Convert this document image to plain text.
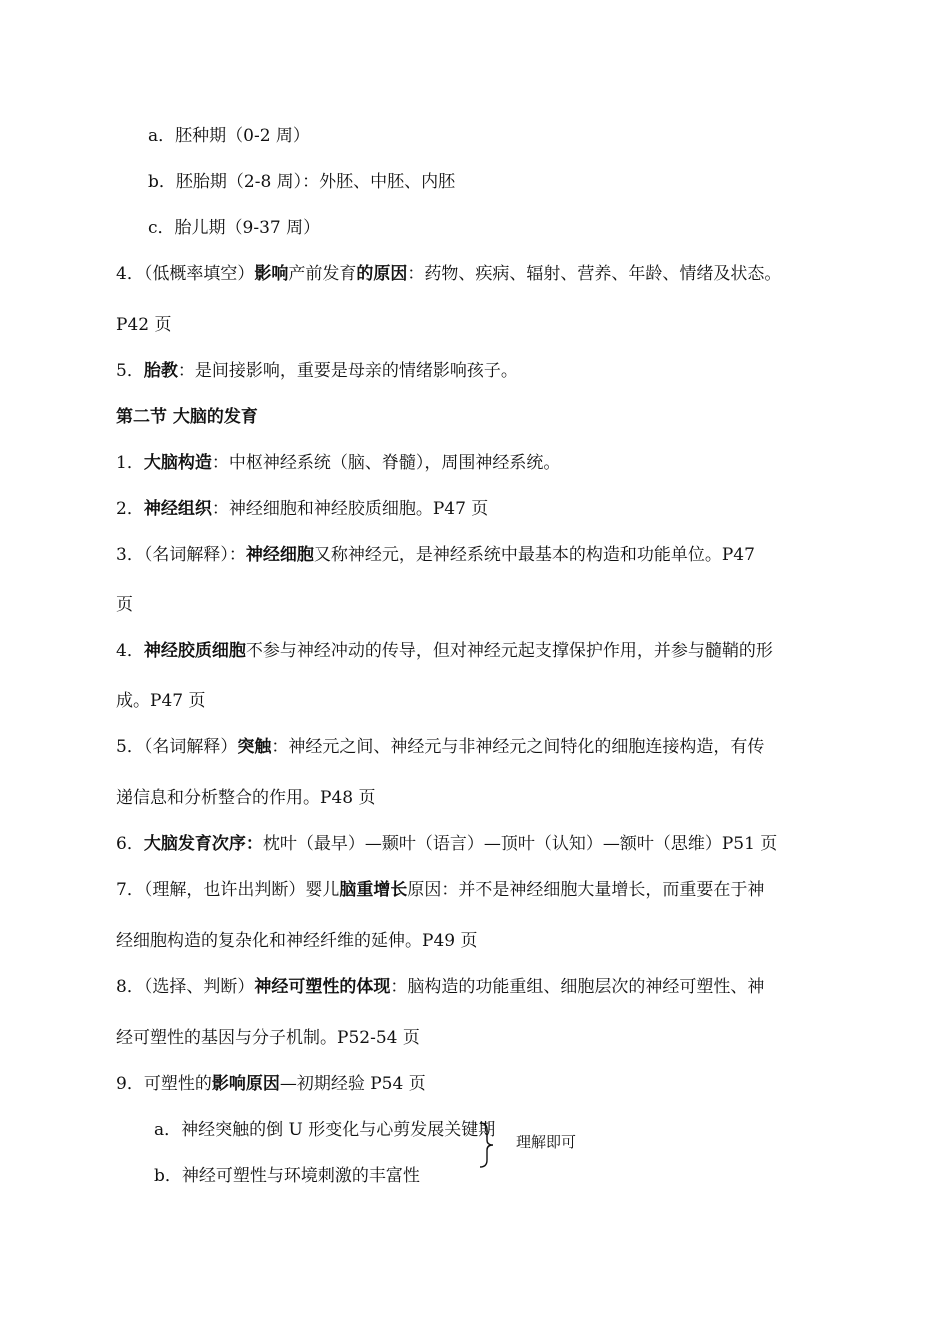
a．胚种期（0-2 周）
b．胚胎期（2-8 周）：外胚、中胚、内胚
c．胎儿期（9-37 周）
4．（低概率填空）影响产前发育的原因：药物、疾病、辐射、营养、年龄、情绪及状态。
P42 页
5．胎教：是间接影响，重要是母亲的情绪影响孩子。
第二节 大脑的发育
1．大脑构造：中枢神经系统（脑、脊髓），周围神经系统。
2．神经组织：神经细胞和神经胶质细胞。P47 页
3．（名词解释）：神经细胞又称神经元，是神经系统中最基本的构造和功能单位。P47
页
4．神经胶质细胞不参与神经冲动的传导，但对神经元起支撑保护作用，并参与髓鞘的形
成。P47 页
5．（名词解释）突触：神经元之间、神经元与非神经元之间特化的细胞连接构造，有传
递信息和分析整合的作用。P48 页
6．大脑发育次序：枕叶（最早）—颞叶（语言）—顶叶（认知）—额叶（思维）P51 页
7．（理解，也许出判断）婴儿脑重增长原因：并不是神经细胞大量增长，而重要在于神
经细胞构造的复杂化和神经纤维的延伸。P49 页
8．（选择、判断）神经可塑性的体现：脑构造的功能重组、细胞层次的神经可塑性、神
经可塑性的基因与分子机制。P52-54 页
9．可塑性的影响原因—初期经验 P54 页
a．神经突触的倒 U 形变化与心剪发展关键期
b．神经可塑性与环境刺激的丰富性
理解即可
